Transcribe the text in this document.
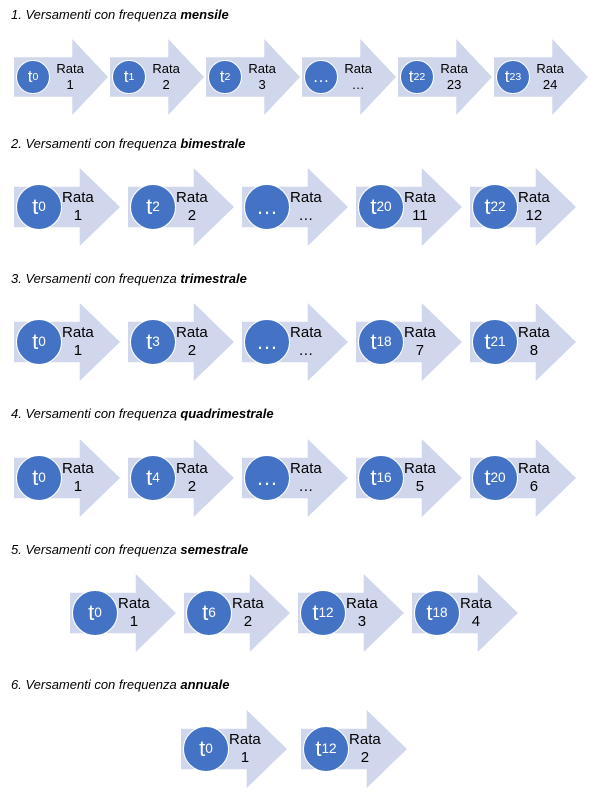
1. Versamenti con frequenza mensile
t 0
Rata
1	t 1
Rata
2	t 2
Rata
3	… Rata
…	t 22
Rata
23	t 23
Rata
24
2. Versamenti con frequenza bimestrale
t 0
Rata
1	t 2
Rata
2	… Rata
…	t 20
Rata
11	t 22
Rata
12
3. Versamenti con frequenza trimestrale
t 0
Rata
1	t 3
Rata
2	… Rata
…	t 18
Rata
7	t 21
Rata
8
4. Versamenti con frequenza quadrimestrale
t 0
Rata
1	t 4
Rata
2	… Rata
…	t 16
Rata
5	t 20
Rata
6
5. Versamenti con frequenza semestrale
t 0
Rata
1	t 6
Rata
2	t 12
Rata
3	t 18
Rata
4
6. Versamenti con frequenza annuale
t 0
Rata
1	t 12
Rata
2
